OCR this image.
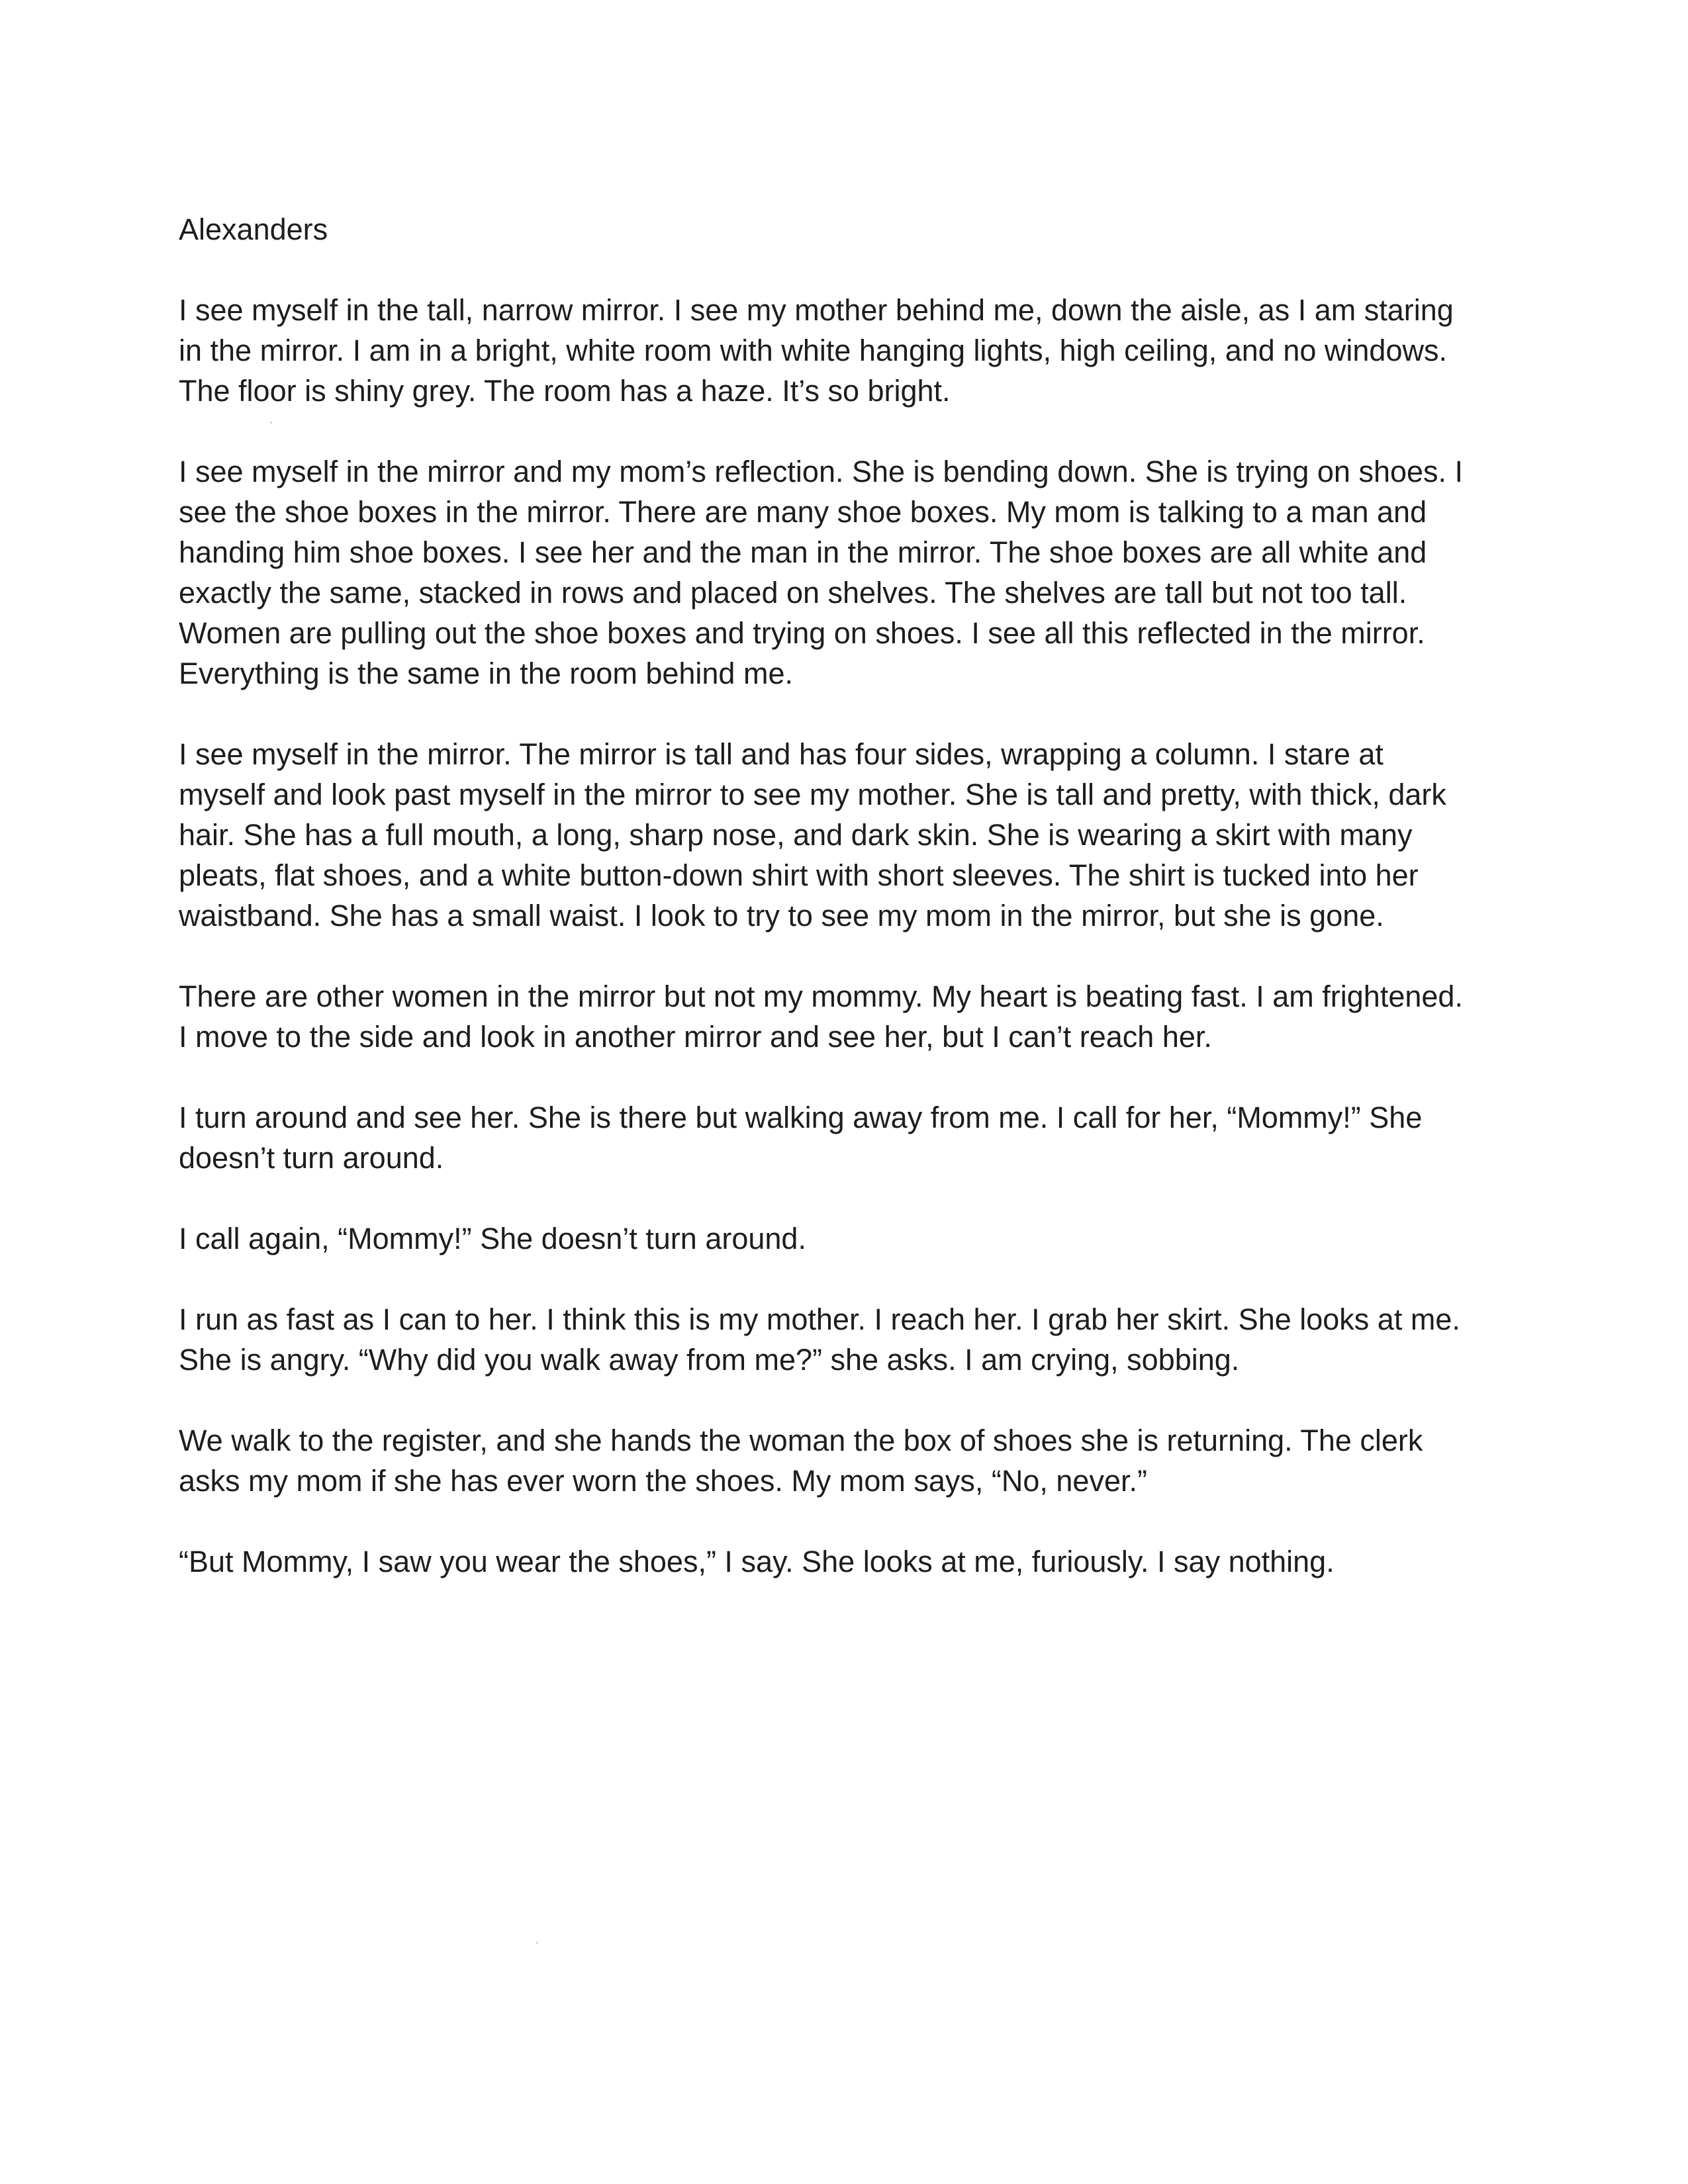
Alexanders

I see myself in the tall, narrow mirror. I see my mother behind me, down the aisle, as I am staring in the mirror. I am in a bright, white room with white hanging lights, high ceiling, and no windows. The floor is shiny grey. The room has a haze. It’s so bright.

I see myself in the mirror and my mom’s reflection. She is bending down. She is trying on shoes. I see the shoe boxes in the mirror. There are many shoe boxes. My mom is talking to a man and handing him shoe boxes. I see her and the man in the mirror. The shoe boxes are all white and exactly the same, stacked in rows and placed on shelves. The shelves are tall but not too tall. Women are pulling out the shoe boxes and trying on shoes. I see all this reflected in the mirror. Everything is the same in the room behind me.

I see myself in the mirror. The mirror is tall and has four sides, wrapping a column. I stare at myself and look past myself in the mirror to see my mother. She is tall and pretty, with thick, dark hair. She has a full mouth, a long, sharp nose, and dark skin. She is wearing a skirt with many pleats, flat shoes, and a white button-down shirt with short sleeves. The shirt is tucked into her waistband. She has a small waist. I look to try to see my mom in the mirror, but she is gone.

There are other women in the mirror but not my mommy. My heart is beating fast. I am frightened. I move to the side and look in another mirror and see her, but I can’t reach her.

I turn around and see her. She is there but walking away from me. I call for her, “Mommy!” She doesn’t turn around.

I call again, “Mommy!” She doesn’t turn around.

I run as fast as I can to her. I think this is my mother. I reach her. I grab her skirt. She looks at me. She is angry. “Why did you walk away from me?” she asks. I am crying, sobbing.

We walk to the register, and she hands the woman the box of shoes she is returning. The clerk asks my mom if she has ever worn the shoes. My mom says, “No, never.”

“But Mommy, I saw you wear the shoes,” I say. She looks at me, furiously. I say nothing.
